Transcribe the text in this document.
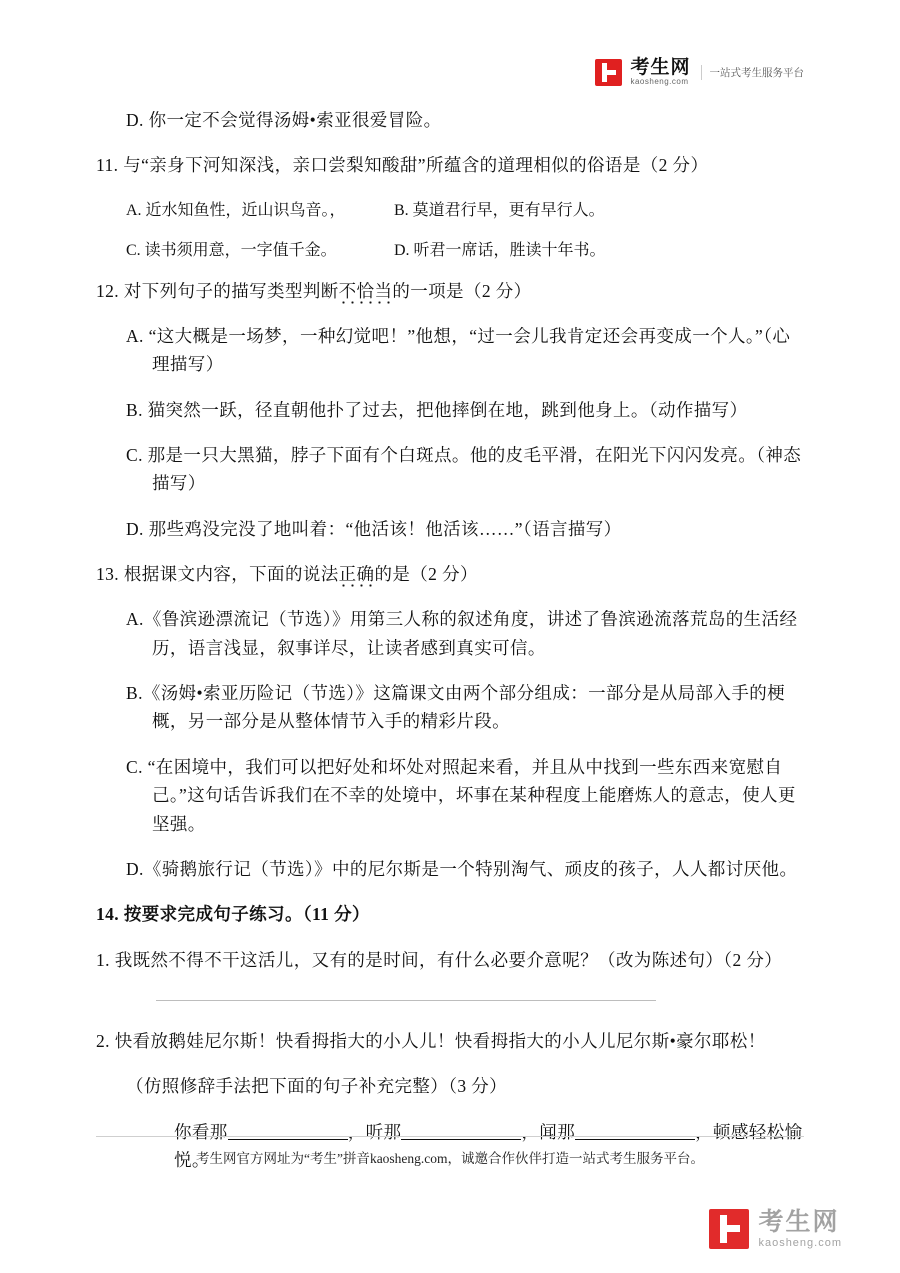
考生网
kaosheng.com
一站式考生服务平台

D. 你一定不会觉得汤姆•索亚很爱冒险。

11. 与“亲身下河知深浅，亲口尝梨知酸甜”所蕴含的道理相似的俗语是（2 分）

A. 近水知鱼性，近山识鸟音。，	B. 莫道君行早，更有早行人。
C. 读书须用意，一字值千金。	D. 听君一席话，胜读十年书。

12. 对下列句子的描写类型判断不恰当的一项是（2 分）

A. “这大概是一场梦，一种幻觉吧！”他想，“过一会儿我肯定还会再变成一个人。”（心理描写）

B. 猫突然一跃，径直朝他扑了过去，把他摔倒在地，跳到他身上。（动作描写）

C. 那是一只大黑猫，脖子下面有个白斑点。他的皮毛平滑，在阳光下闪闪发亮。（神态描写）

D. 那些鸡没完没了地叫着：“他活该！他活该……”（语言描写）

13. 根据课文内容，下面的说法正确的是（2 分）

A.《鲁滨逊漂流记（节选）》用第三人称的叙述角度，讲述了鲁滨逊流落荒岛的生活经历，语言浅显，叙事详尽，让读者感到真实可信。

B.《汤姆•索亚历险记（节选）》这篇课文由两个部分组成：一部分是从局部入手的梗概，另一部分是从整体情节入手的精彩片段。

C. “在困境中，我们可以把好处和坏处对照起来看，并且从中找到一些东西来宽慰自己。”这句话告诉我们在不幸的处境中，坏事在某种程度上能磨炼人的意志，使人更坚强。

D.《骑鹅旅行记（节选）》中的尼尔斯是一个特别淘气、顽皮的孩子，人人都讨厌他。

14. 按要求完成句子练习。（11 分）

1. 我既然不得不干这活儿，又有的是时间，有什么必要介意呢？（改为陈述句）（2 分）

2. 快看放鹅娃尼尔斯！快看拇指大的小人儿！快看拇指大的小人儿尼尔斯•豪尔耶松！

（仿照修辞手法把下面的句子补充完整）（3 分）

你看那	，听那	，闻那	，顿感轻松愉悦。

考生网官方网址为“考生”拼音kaosheng.com，诚邀合作伙伴打造一站式考生服务平台。
考生网
kaosheng.com
